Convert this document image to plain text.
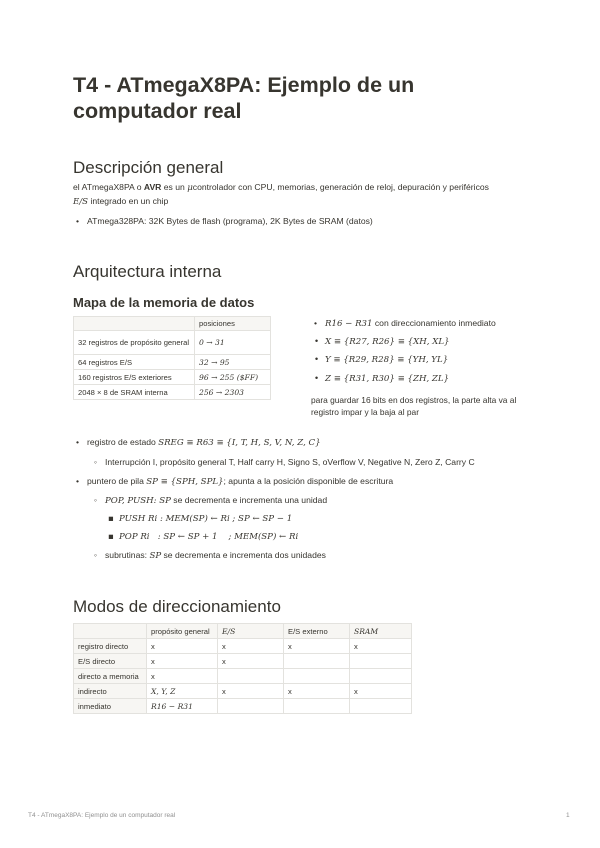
T4 - ATmegaX8PA: Ejemplo de un computador real
Descripción general
el ATmegaX8PA o AVR es un μcontrolador con CPU, memorias, generación de reloj, depuración y periféricos
E/S integrado en un chip
• ATmega328PA: 32K Bytes de flash (programa), 2K Bytes de SRAM (datos)
Arquitectura interna
Mapa de la memoria de datos
	posiciones
32 registros de propósito general	0 → 31
64 registros E/S	32 → 95
160 registros E/S exteriores	96 → 255 ($FF)
2048 × 8 de SRAM interna	256 → 2303
• R16 − R31 con direccionamiento inmediato
• X ≡ {R27, R26} ≡ {XH, XL}
• Y ≡ {R29, R28} ≡ {YH, YL}
• Z ≡ {R31, R30} ≡ {ZH, ZL}
para guardar 16 bits en dos registros, la parte alta va al registro impar y la baja al par
• registro de estado SREG ≡ R63 ≡ {I, T, H, S, V, N, Z, C}
◦ Interrupción I, propósito general T, Half carry H, Signo S, oVerflow V, Negative N, Zero Z, Carry C
• puntero de pila SP ≡ {SPH, SPL}; apunta a la posición disponible de escritura
◦ POP, PUSH: SP se decrementa e incrementa una unidad
▪ PUSH Ri : MEM(SP) ← Ri ; SP ← SP − 1
▪ POP Ri   : SP ← SP + 1    ; MEM(SP) ← Ri
◦ subrutinas: SP se decrementa e incrementa dos unidades
Modos de direccionamiento
	propósito general	E/S	E/S externo	SRAM
registro directo	x	x	x	x
E/S directo	x	x		
directo a memoria	x			
indirecto	X, Y, Z	x	x	x
inmediato	R16 − R31			
T4 - ATmegaX8PA: Ejemplo de un computador real	1
